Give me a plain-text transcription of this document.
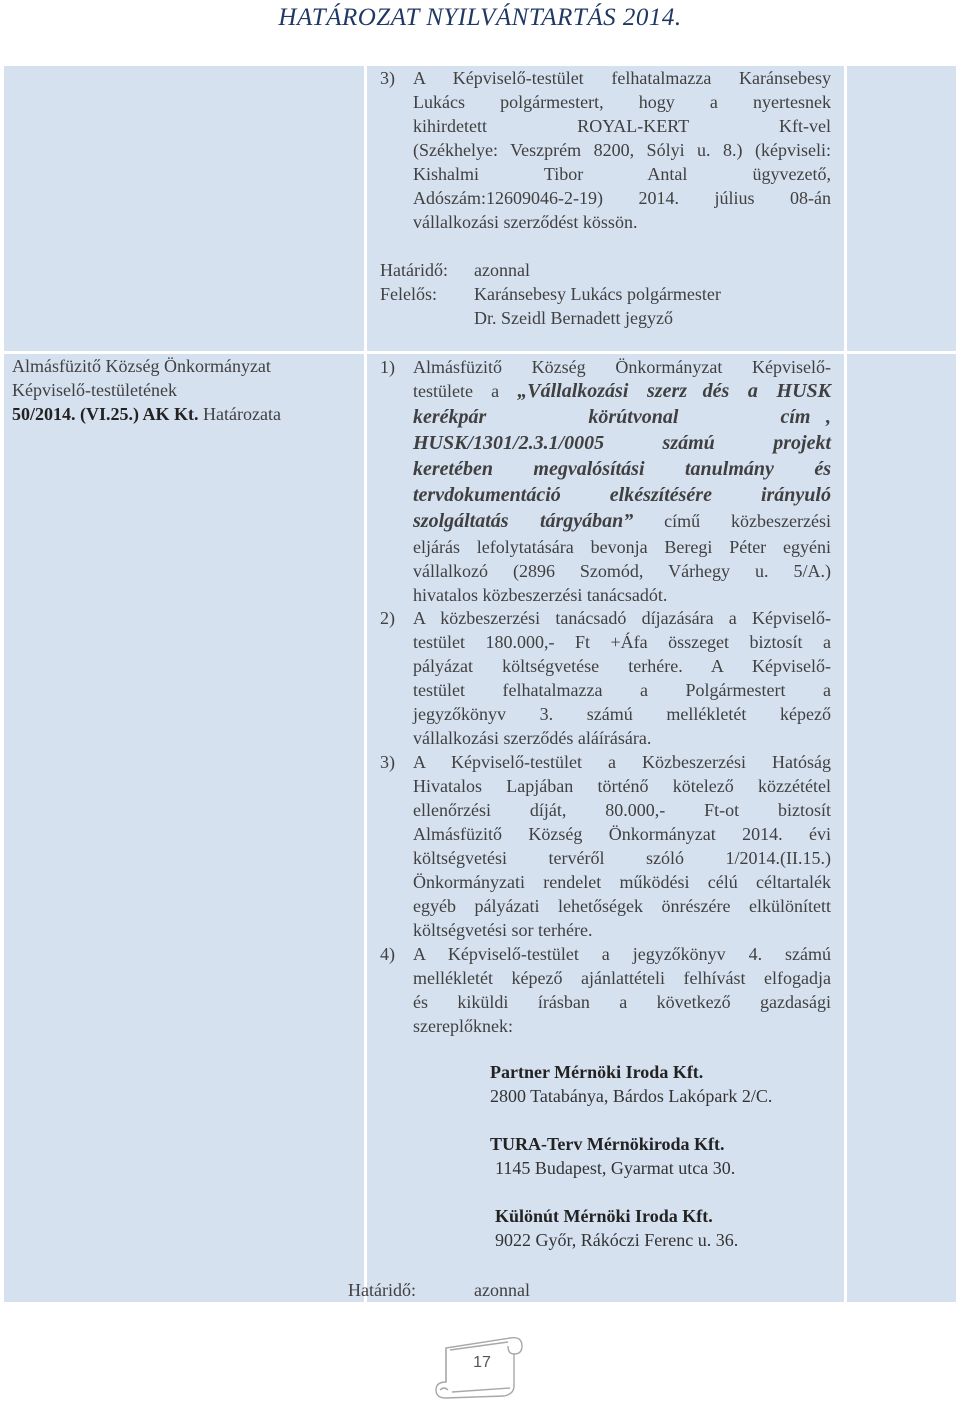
HATÁROZAT NYILVÁNTARTÁS 2014.
3) A Képviselő-testület felhatalmazza Karánsebesy
Lukács polgármestert, hogy a nyertesnek
kihirdetett ROYAL-KERT Kft-vel
(Székhelye: Veszprém 8200, Sólyi u. 8.) (képviseli:
Kishalmi Tibor Antal ügyvezető,
Adószám:12609046-2-19) 2014. július 08-án
vállalkozási szerződést kössön.
Határidő: azonnal
Felelős: Karánsebesy Lukács polgármester
Dr. Szeidl Bernadett jegyző
Almásfüzitő Község Önkormányzat
Képviselő-testületének
50/2014. (VI.25.) AK Kt. Határozata
1) Almásfüzitő Község Önkormányzat Képviselő-
testülete a „Vállalkozási szerz dés a HUSK
kerékpár körútvonal cím ,
HUSK/1301/2.3.1/0005 számú projekt
keretében megvalósítási tanulmány és
tervdokumentáció elkészítésére irányuló
szolgáltatás tárgyában” című közbeszerzési
eljárás lefolytatására bevonja Beregi Péter egyéni
vállalkozó (2896 Szomód, Várhegy u. 5/A.)
hivatalos közbeszerzési tanácsadót.
2) A közbeszerzési tanácsadó díjazására a Képviselő-
testület 180.000,- Ft +Áfa összeget biztosít a
pályázat költségvetése terhére. A Képviselő-
testület felhatalmazza a Polgármestert a
jegyzőkönyv 3. számú mellékletét képező
vállalkozási szerződés aláírására.
3) A Képviselő-testület a Közbeszerzési Hatóság
Hivatalos Lapjában történő kötelező közzététel
ellenőrzési díját, 80.000,- Ft-ot biztosít
Almásfüzitő Község Önkormányzat 2014. évi
költségvetési tervéről szóló 1/2014.(II.15.)
Önkormányzati rendelet működési célú céltartalék
egyéb pályázati lehetőségek önrészére elkülönített
költségvetési sor terhére.
4) A Képviselő-testület a jegyzőkönyv 4. számú
mellékletét képező ajánlattételi felhívást elfogadja
és kiküldi írásban a következő gazdasági
szereplőknek:
Partner Mérnöki Iroda Kft.
2800 Tatabánya, Bárdos Lakópark 2/C.
TURA-Terv Mérnökiroda Kft.
1145 Budapest, Gyarmat utca 30.
Különút Mérnöki Iroda Kft.
9022 Győr, Rákóczi Ferenc u. 36.
Határidő:	azonnal
17
